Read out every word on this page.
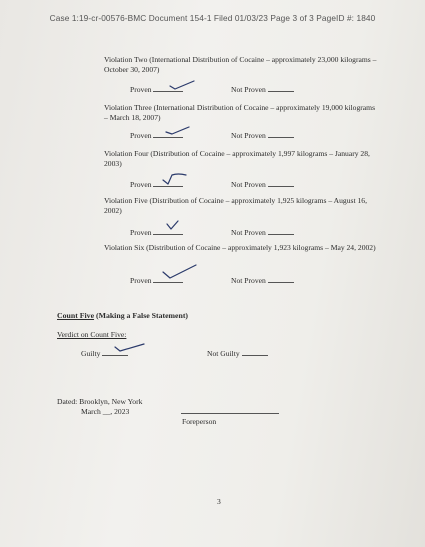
Case 1:19-cr-00576-BMC Document 154-1 Filed 01/03/23 Page 3 of 3 PageID #: 1840
Violation Two (International Distribution of Cocaine – approximately 23,000 kilograms – October 30, 2007)
Proven	Not Proven
Violation Three (International Distribution of Cocaine – approximately 19,000 kilograms – March 18, 2007)
Proven	Not Proven
Violation Four (Distribution of Cocaine – approximately 1,997 kilograms – January 28, 2003)
Proven	Not Proven
Violation Five (Distribution of Cocaine – approximately 1,925 kilograms – August 16, 2002)
Proven	Not Proven
Violation Six (Distribution of Cocaine – approximately 1,923 kilograms – May 24, 2002)
Proven	Not Proven
Count Five (Making a False Statement)
Verdict on Count Five:
Guilty	Not Guilty
Dated: Brooklyn, New York
March __, 2023
Foreperson
3
